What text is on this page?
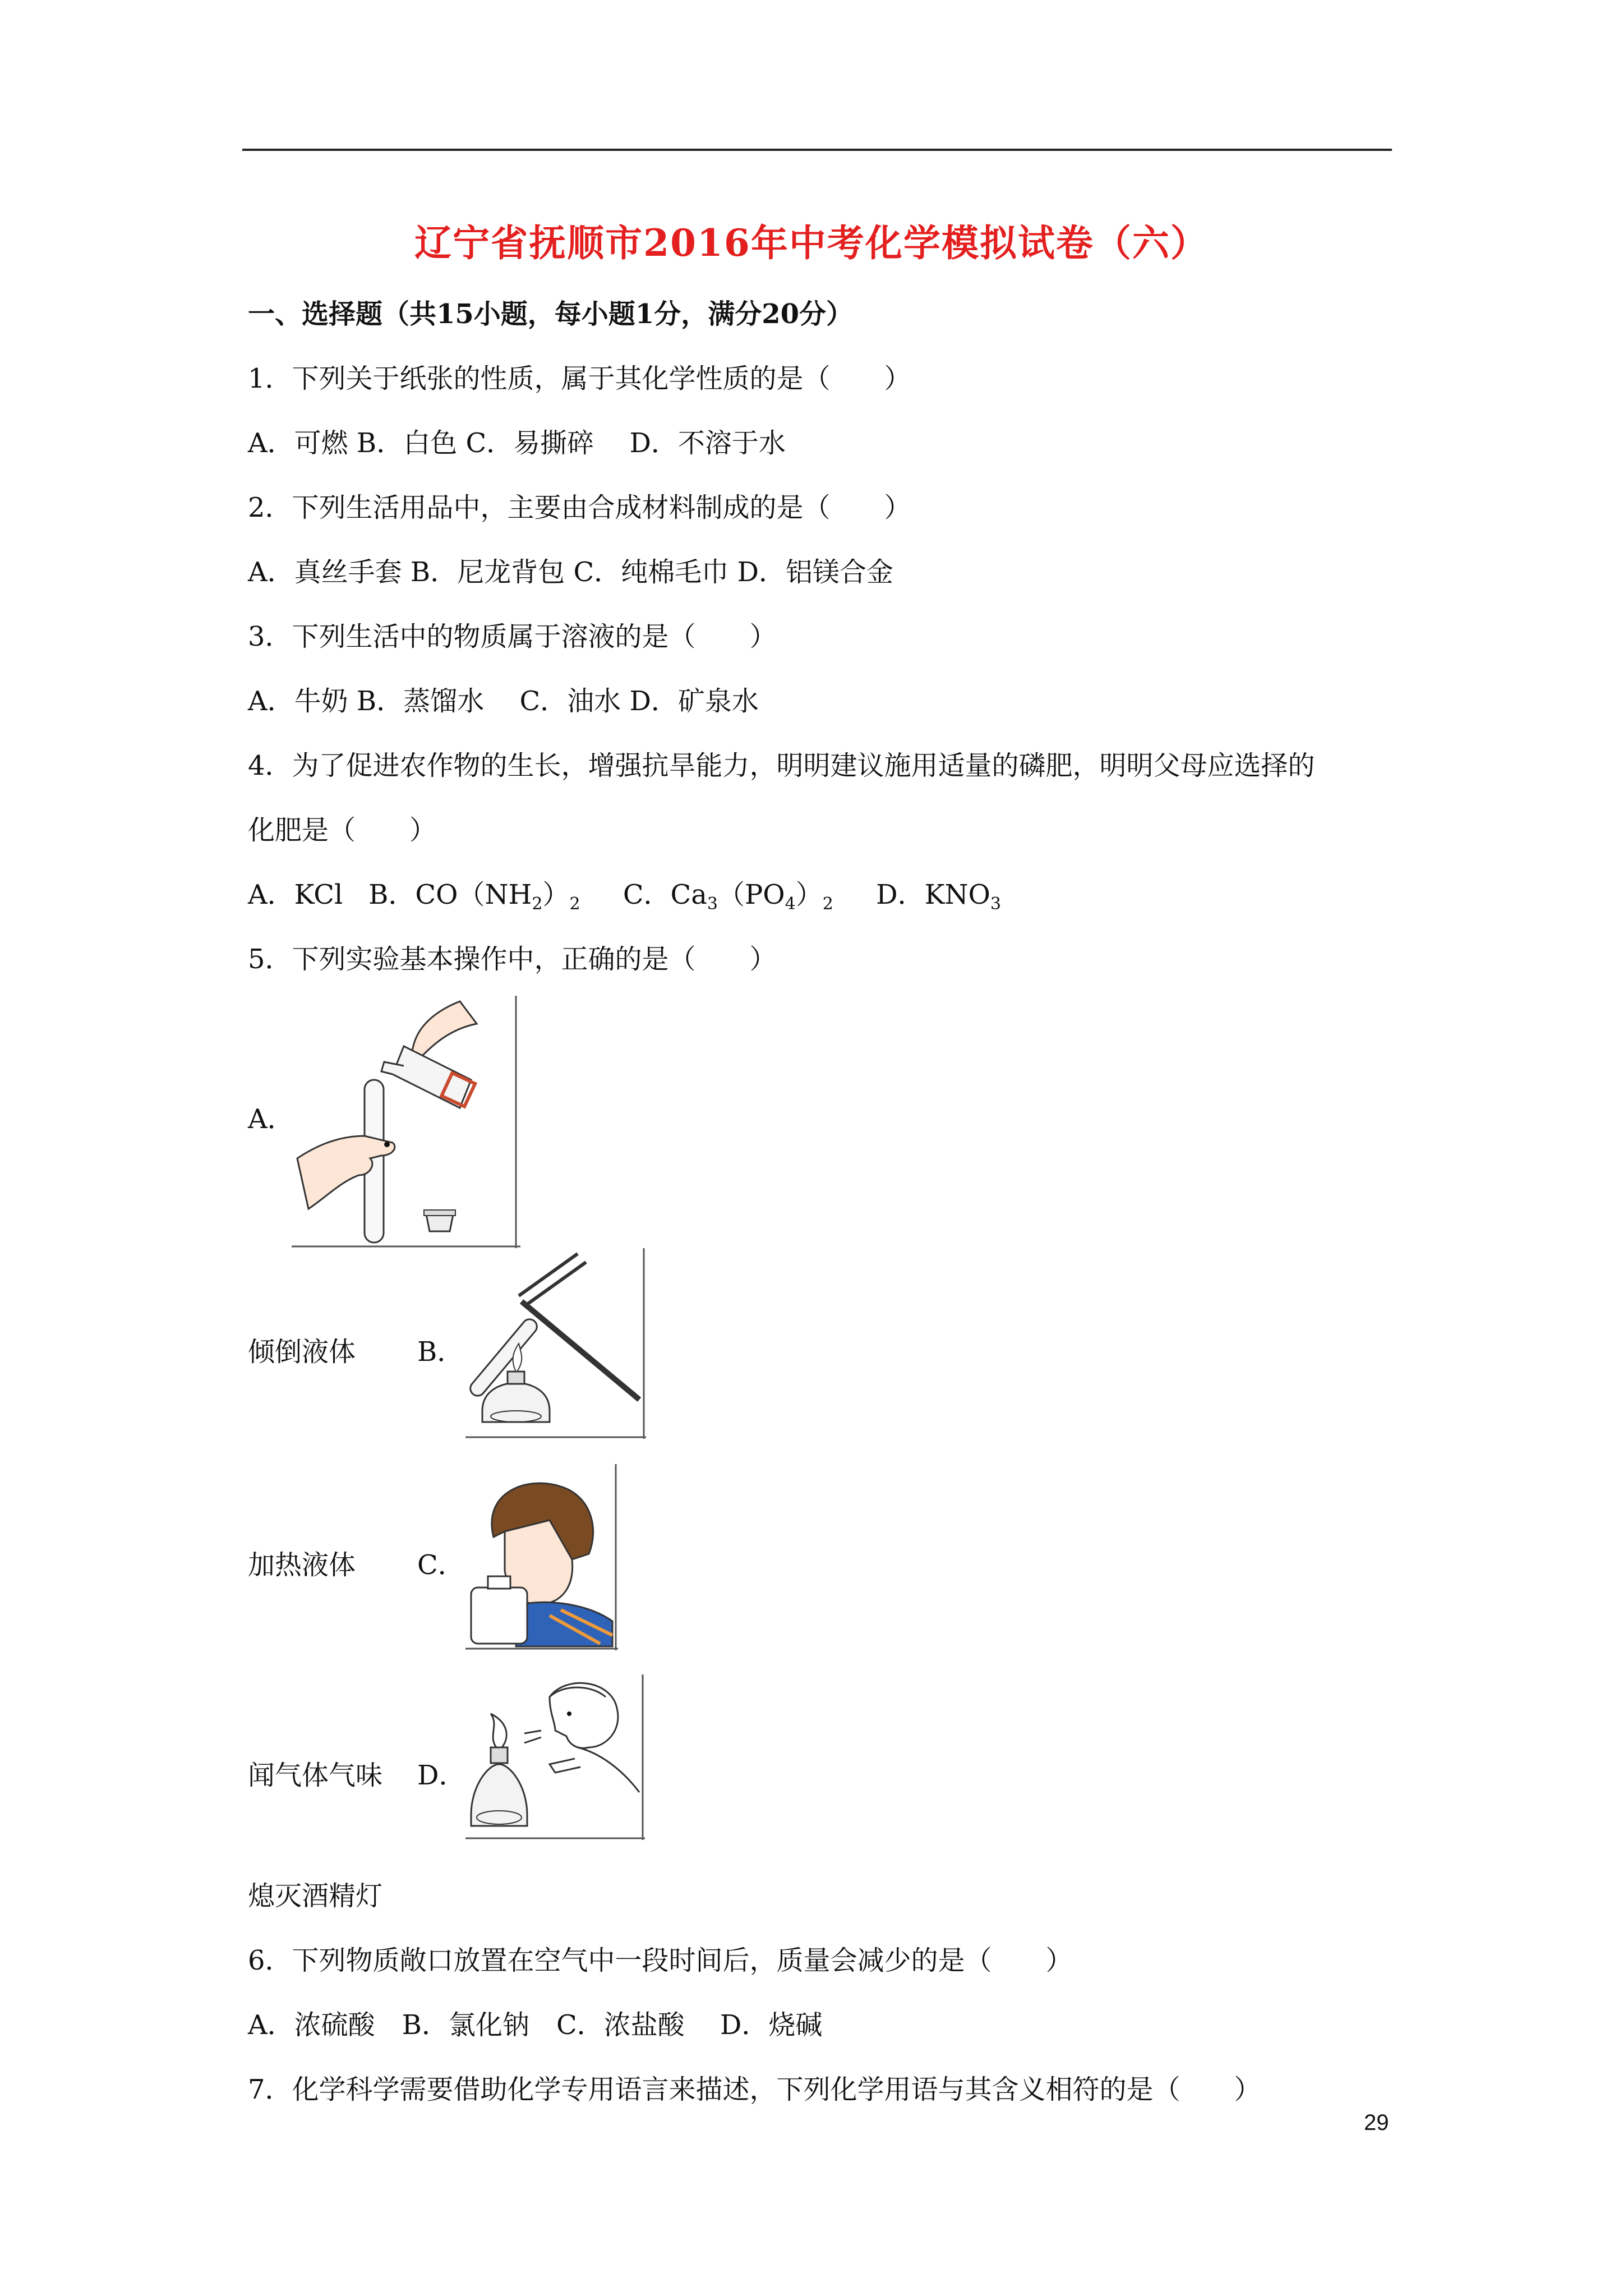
辽宁省抚顺市2016年中考化学模拟试卷（六）
一、选择题（共15小题，每小题1分，满分20分）
1．下列关于纸张的性质，属于其化学性质的是（　　）
A．可燃 B．白色 C．易撕碎　 D．不溶于水
2．下列生活用品中，主要由合成材料制成的是（　　）
A．真丝手套 B．尼龙背包 C．纯棉毛巾 D．铝镁合金
3．下列生活中的物质属于溶液的是（　　）
A．牛奶 B．蒸馏水　 C．油水 D．矿泉水
4．为了促进农作物的生长，增强抗旱能力，明明建议施用适量的磷肥，明明父母应选择的
化肥是（　　）
A．KCl B．$CO(NH_2)_2$ C．$Ca_3(PO_4)_2$ D．$KNO_3$
5．下列实验基本操作中，正确的是（　　）
A．
倾倒液体 B．
加热液体 C．
闻气体气味 D．
熄灭酒精灯
6．下列物质敞口放置在空气中一段时间后，质量会减少的是（　　）
A．浓硫酸　B．氯化钠　C．浓盐酸　 D．烧碱
7．化学科学需要借助化学专用语言来描述，下列化学用语与其含义相符的是（　　）
29
